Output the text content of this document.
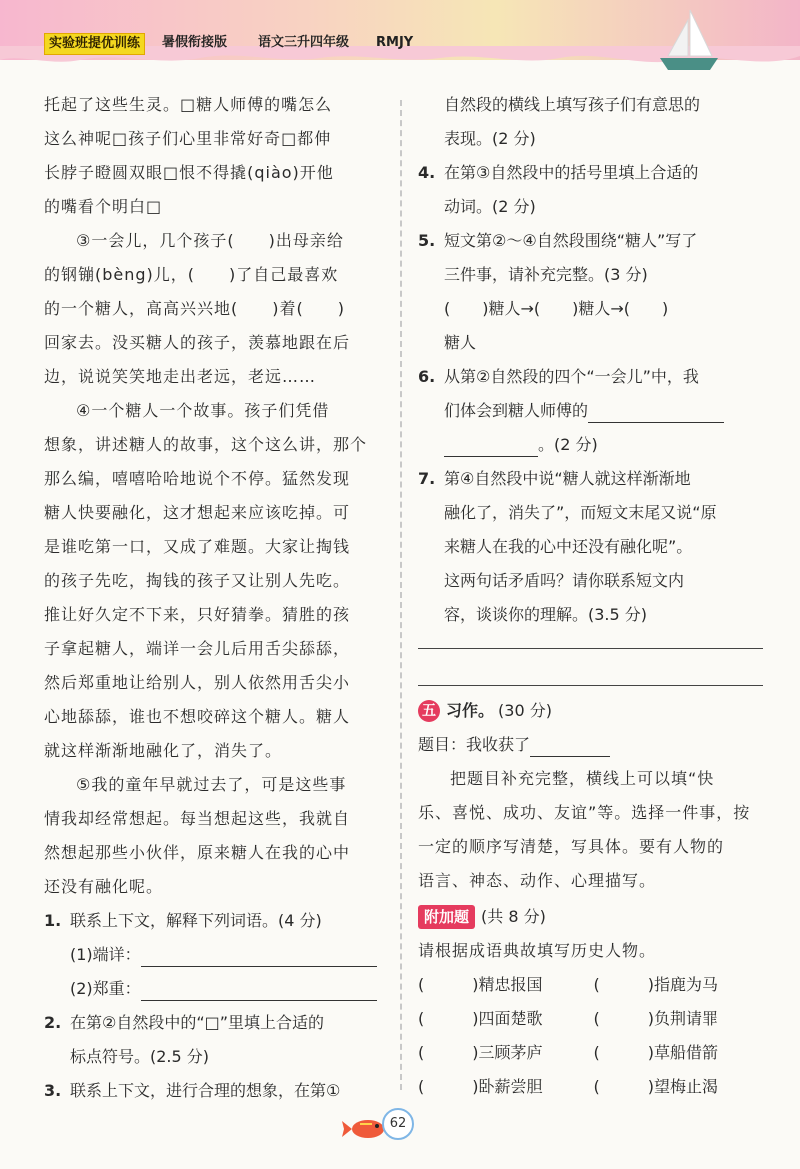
实验班提优训练	暑假衔接版 语文三升四年级 RMJY

托起了这些生灵。□糖人师傅的嘴怎么

这么神呢□孩子们心里非常好奇□都伸

长脖子瞪圆双眼□恨不得撬(qiào)开他

的嘴看个明白□

③一会儿，几个孩子(　　)出母亲给

的钢镚(bèng)儿，(　　)了自己最喜欢

的一个糖人，高高兴兴地(　　)着(　　)

回家去。没买糖人的孩子，羡慕地跟在后

边，说说笑笑地走出老远，老远……

④一个糖人一个故事。孩子们凭借

想象，讲述糖人的故事，这个这么讲，那个

那么编，嘻嘻哈哈地说个不停。猛然发现

糖人快要融化，这才想起来应该吃掉。可

是谁吃第一口，又成了难题。大家让掏钱

的孩子先吃，掏钱的孩子又让别人先吃。

推让好久定不下来，只好猜拳。猜胜的孩

子拿起糖人，端详一会儿后用舌尖舔舔，

然后郑重地让给别人，别人依然用舌尖小

心地舔舔，谁也不想咬碎这个糖人。糖人

就这样渐渐地融化了，消失了。

⑤我的童年早就过去了，可是这些事

情我却经常想起。每当想起这些，我就自

然想起那些小伙伴，原来糖人在我的心中

还没有融化呢。

1. 联系上下文，解释下列词语。(4 分)
(1)端详：
(2)郑重：
2. 在第②自然段中的“□”里填上合适的
标点符号。(2.5 分)
3. 联系上下文，进行合理的想象，在第①
自然段的横线上填写孩子们有意思的
表现。(2 分)
4. 在第③自然段中的括号里填上合适的
动词。(2 分)
5. 短文第②～④自然段围绕“糖人”写了
三件事，请补充完整。(3 分)
(　　)糖人→(　　)糖人→(　　)
糖人
6. 从第②自然段的四个“一会儿”中，我
们体会到糖人师傅的
。(2 分)
7. 第④自然段中说“糖人就这样渐渐地
融化了，消失了”，而短文末尾又说“原
来糖人在我的心中还没有融化呢”。
这两句话矛盾吗？请你联系短文内
容，谈谈你的理解。(3.5 分)
五 习作。 (30 分)
题目：我收获了

把题目补充完整，横线上可以填“快

乐、喜悦、成功、友谊”等。选择一件事，按

一定的顺序写清楚，写具体。要有人物的

语言、神态、动作、心理描写。

附加题 (共 8 分)

请根据成语典故填写历史人物。

(　　　)精忠报国	(　　　)指鹿为马
(　　　)四面楚歌	(　　　)负荆请罪
(　　　)三顾茅庐	(　　　)草船借箭
(　　　)卧薪尝胆	(　　　)望梅止渴
62
